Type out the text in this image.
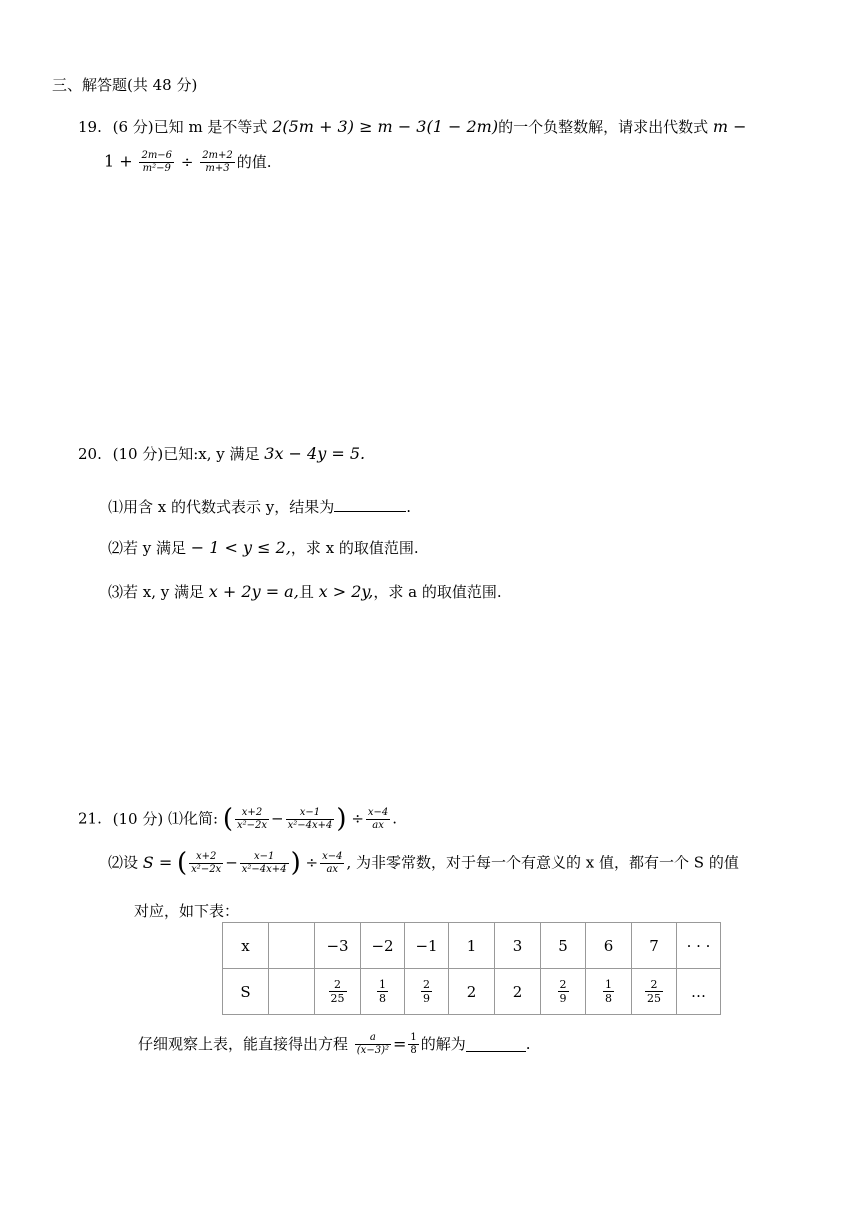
三、解答题(共 48 分)
19. (6 分)已知 m 是不等式 2(5m + 3) ≥ m − 3(1 − 2m)的一个负整数解，请求出代数式 m −
$1 + \frac{2m-6}{\text{m²−9}} \div \frac{2m+2}{m+3}$ 的值.
20. (10 分)已知:x, y 满足 3x − 4y = 5.
⑴用含 x 的代数式表示 y，结果为	.
⑵若 y 满足 − 1 < y ≤ 2,，求 x 的取值范围.
⑶若 x, y 满足 x + 2y = a,且 x > 2y,，求 a 的取值范围.
21. (10 分) ⑴化简: ( $\frac{x+2}{\text{x²−2x}} - \frac{x-1}{\text{x²−4x+4}}$ ) ÷ $\frac{x-4}{ax}$ .
⑵设 S = ( $\frac{x+2}{\text{x²−2x}} - \frac{x-1}{\text{x²−4x+4}}$ ) ÷ $\frac{x-4}{ax}$ , 为非零常数，对于每一个有意义的 x 值，都有一个 S 的值
对应，如下表：
x		−3	−2	−1	1	3	5	6	7	· · ·
S		$\frac{2}{25}$	$\frac{1}{8}$	$\frac{2}{9}$	2	2	$\frac{2}{9}$	$\frac{1}{8}$	$\frac{2}{25}$	…
仔细观察上表，能直接得出方程 $\frac{a}{\text{(x−3)²}} = \frac{1}{8}$ 的解为	.
